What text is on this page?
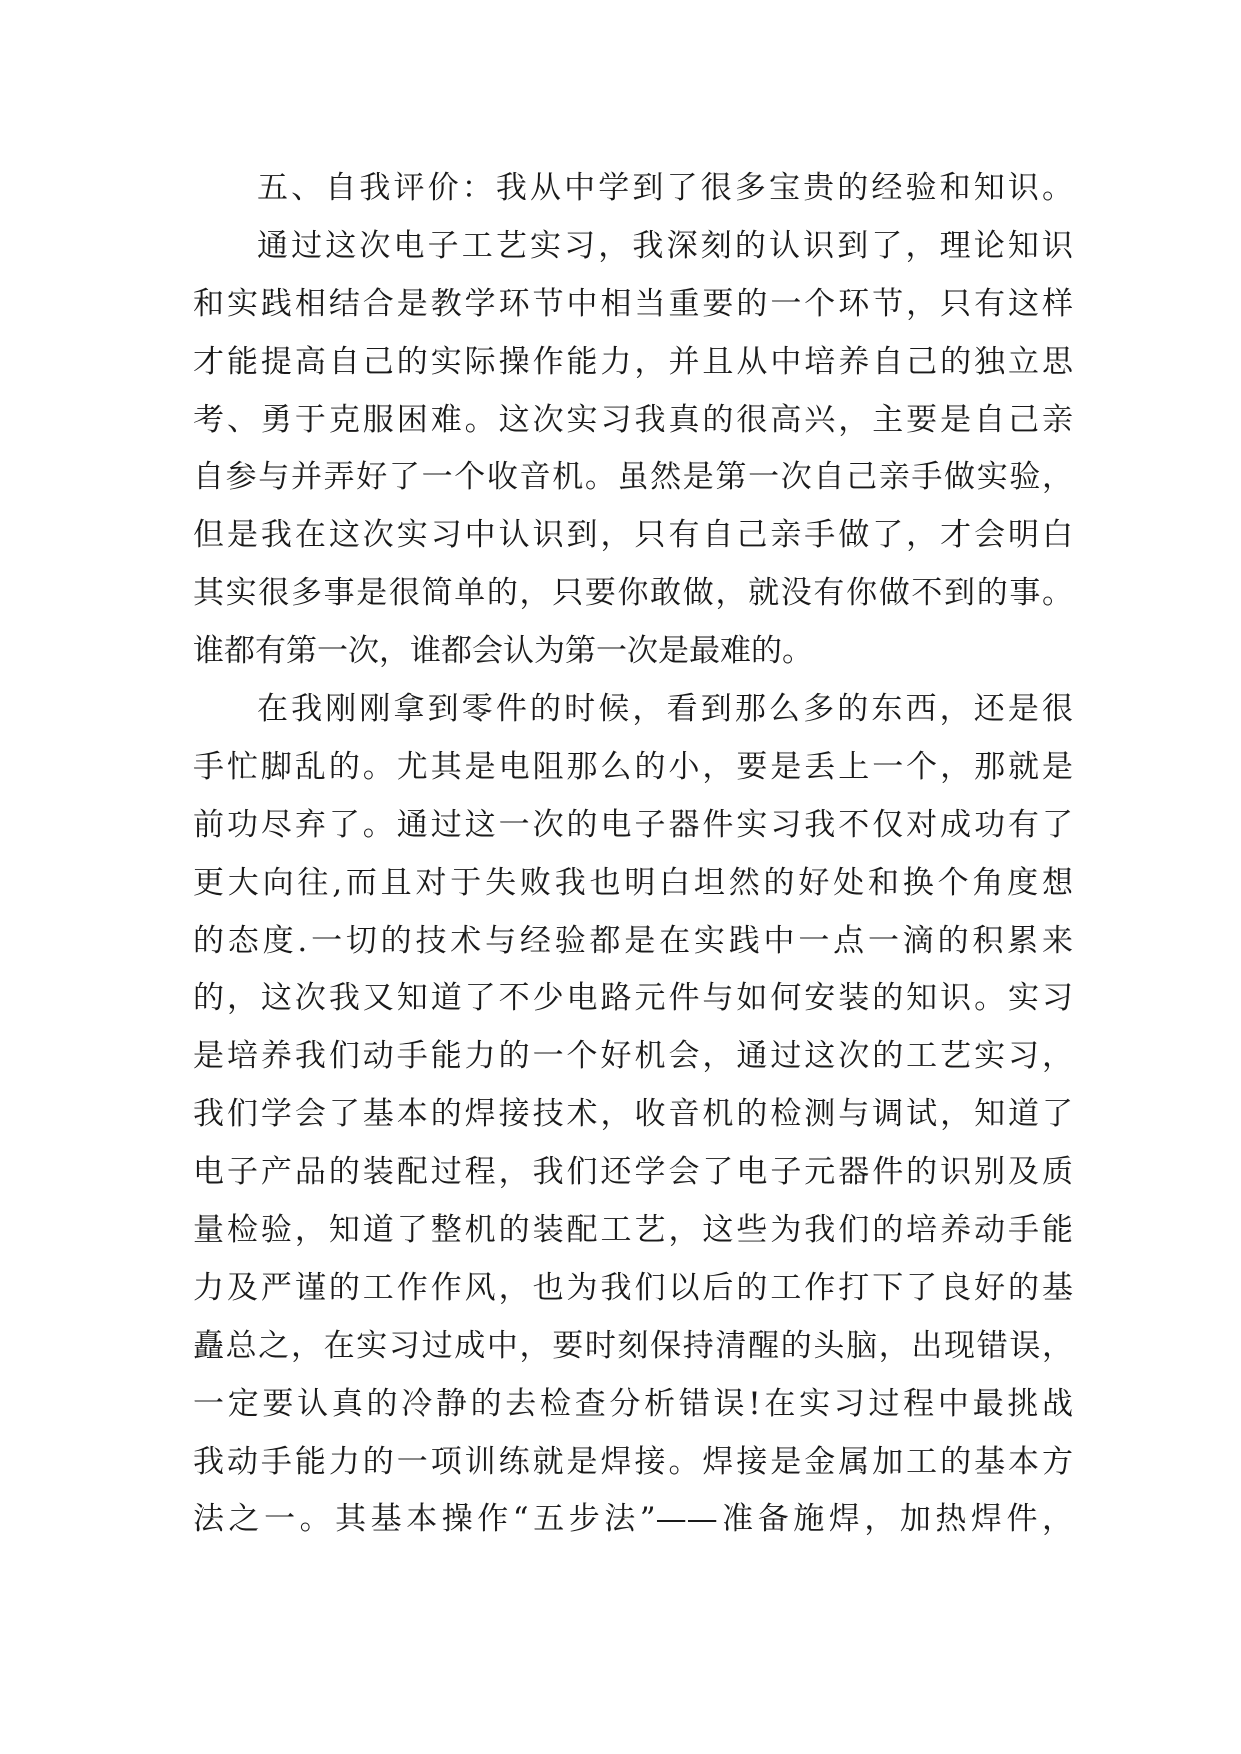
五、自我评价：我从中学到了很多宝贵的经验和知识。
通过这次电子工艺实习，我深刻的认识到了，理论知识
和实践相结合是教学环节中相当重要的一个环节，只有这样
才能提高自己的实际操作能力，并且从中培养自己的独立思
考、勇于克服困难。这次实习我真的很高兴，主要是自己亲
自参与并弄好了一个收音机。虽然是第一次自己亲手做实验，
但是我在这次实习中认识到，只有自己亲手做了，才会明白
其实很多事是很简单的，只要你敢做，就没有你做不到的事。
谁都有第一次，谁都会认为第一次是最难的。
在我刚刚拿到零件的时候，看到那么多的东西，还是很
手忙脚乱的。尤其是电阻那么的小，要是丢上一个，那就是
前功尽弃了。通过这一次的电子器件实习我不仅对成功有了
更大向往,而且对于失败我也明白坦然的好处和换个角度想
的态度.一切的技术与经验都是在实践中一点一滴的积累来
的，这次我又知道了不少电路元件与如何安装的知识。实习
是培养我们动手能力的一个好机会，通过这次的工艺实习，
我们学会了基本的焊接技术，收音机的检测与调试，知道了
电子产品的装配过程，我们还学会了电子元器件的识别及质
量检验，知道了整机的装配工艺，这些为我们的培养动手能
力及严谨的工作作风，也为我们以后的工作打下了良好的基
矗总之，在实习过成中，要时刻保持清醒的头脑，出现错误，
一定要认真的冷静的去检查分析错误!在实习过程中最挑战
我动手能力的一项训练就是焊接。焊接是金属加工的基本方
法之一。其基本操作“五步法”——准备施焊，加热焊件，
